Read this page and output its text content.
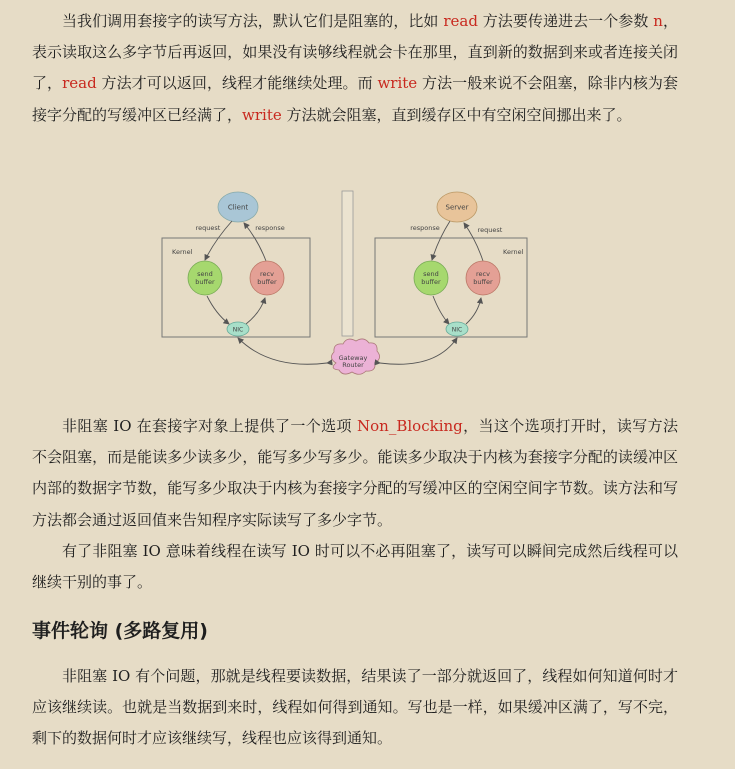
当我们调用套接字的读写方法，默认它们是阻塞的，比如 read 方法要传递进去一个参数 n，表示读取这么多字节后再返回，如果没有读够线程就会卡在那里，直到新的数据到来或者连接关闭了，read 方法才可以返回，线程才能继续处理。而 write 方法一般来说不会阻塞，除非内核为套接字分配的写缓冲区已经满了，write 方法就会阻塞，直到缓存区中有空闲空间挪出来了。

Kernel
Client
request	response
send
buffer
recv
buffer
NIC
Kernel
Server
response	request
send
buffer
recv
buffer
NIC
Gateway
Router

非阻塞 IO 在套接字对象上提供了一个选项 Non_Blocking，当这个选项打开时，读写方法不会阻塞，而是能读多少读多少，能写多少写多少。能读多少取决于内核为套接字分配的读缓冲区内部的数据字节数，能写多少取决于内核为套接字分配的写缓冲区的空闲空间字节数。读方法和写方法都会通过返回值来告知程序实际读写了多少字节。

有了非阻塞 IO 意味着线程在读写 IO 时可以不必再阻塞了，读写可以瞬间完成然后线程可以继续干别的事了。

事件轮询 (多路复用)

非阻塞 IO 有个问题，那就是线程要读数据，结果读了一部分就返回了，线程如何知道何时才应该继续读。也就是当数据到来时，线程如何得到通知。写也是一样，如果缓冲区满了，写不完，剩下的数据何时才应该继续写，线程也应该得到通知。
